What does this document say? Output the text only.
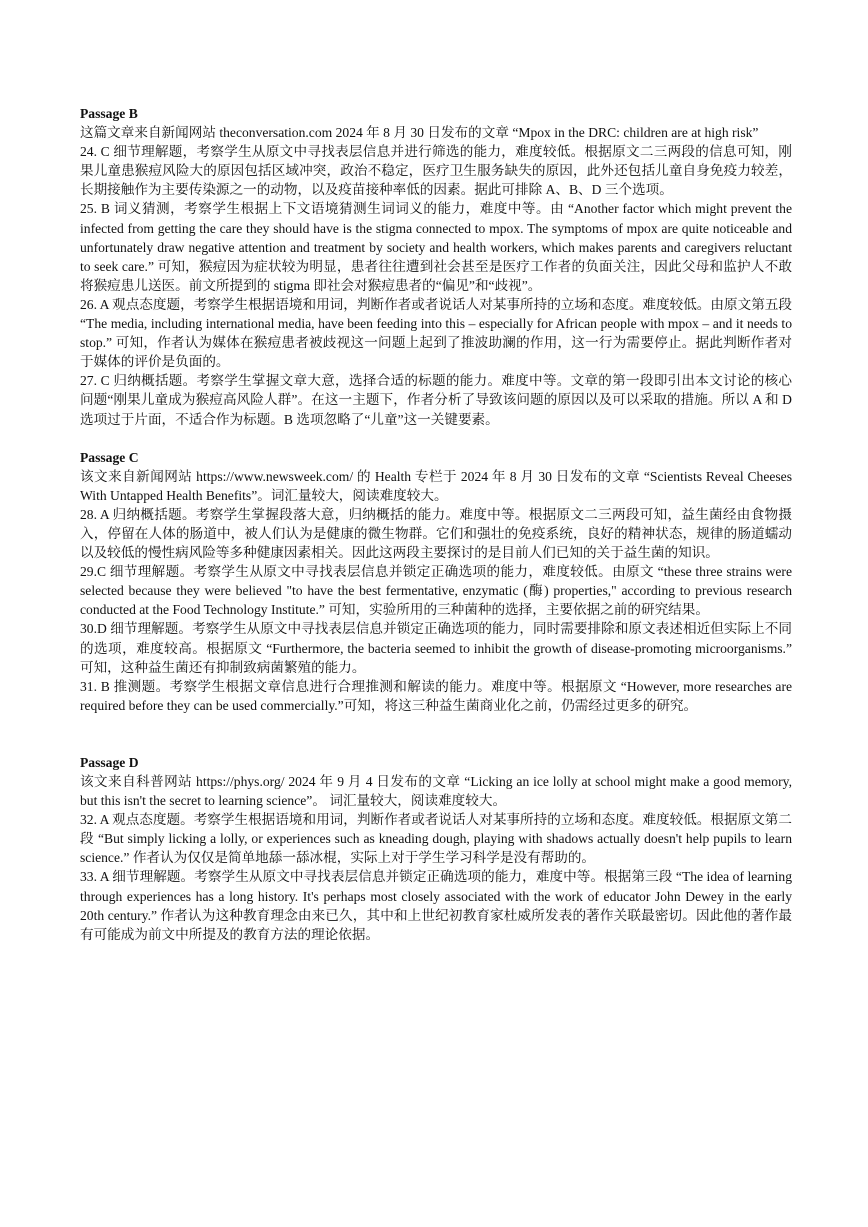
Passage B

这篇文章来自新闻网站 theconversation.com 2024 年 8 月 30 日发布的文章 “Mpox in the DRC: children are at high risk”

24. C 细节理解题，考察学生从原文中寻找表层信息并进行筛选的能力，难度较低。根据原文二三两段的信息可知，刚果儿童患猴痘风险大的原因包括区域冲突，政治不稳定，医疗卫生服务缺失的原因，此外还包括儿童自身免疫力较差，长期接触作为主要传染源之一的动物，以及疫苗接种率低的因素。据此可排除 A、B、D 三个选项。

25. B 词义猜测，考察学生根据上下文语境猜测生词词义的能力，难度中等。由 “Another factor which might prevent the infected from getting the care they should have is the stigma connected to mpox. The symptoms of mpox are quite noticeable and unfortunately draw negative attention and treatment by society and health workers, which makes parents and caregivers reluctant to seek care.” 可知，猴痘因为症状较为明显，患者往往遭到社会甚至是医疗工作者的负面关注，因此父母和监护人不敢将猴痘患儿送医。前文所提到的 stigma 即社会对猴痘患者的“偏见”和“歧视”。

26. A 观点态度题，考察学生根据语境和用词，判断作者或者说话人对某事所持的立场和态度。难度较低。由原文第五段 “The media, including international media, have been feeding into this – especially for African people with mpox – and it needs to stop.” 可知，作者认为媒体在猴痘患者被歧视这一问题上起到了推波助澜的作用，这一行为需要停止。据此判断作者对于媒体的评价是负面的。

27. C 归纳概括题。考察学生掌握文章大意，选择合适的标题的能力。难度中等。文章的第一段即引出本文讨论的核心问题“刚果儿童成为猴痘高风险人群”。在这一主题下，作者分析了导致该问题的原因以及可以采取的措施。所以 A 和 D 选项过于片面，不适合作为标题。B 选项忽略了“儿童”这一关键要素。

Passage C

该文来自新闻网站 https://www.newsweek.com/ 的 Health 专栏于 2024 年 8 月 30 日发布的文章 “Scientists Reveal Cheeses With Untapped Health Benefits”。词汇量较大，阅读难度较大。

28. A 归纳概括题。考察学生掌握段落大意，归纳概括的能力。难度中等。根据原文二三两段可知，益生菌经由食物摄入，停留在人体的肠道中，被人们认为是健康的微生物群。它们和强壮的免疫系统，良好的精神状态，规律的肠道蠕动以及较低的慢性病风险等多种健康因素相关。因此这两段主要探讨的是目前人们已知的关于益生菌的知识。

29.C 细节理解题。考察学生从原文中寻找表层信息并锁定正确选项的能力，难度较低。由原文 “these three strains were selected because they were believed "to have the best fermentative, enzymatic (酶) properties," according to previous research conducted at the Food Technology Institute.” 可知，实验所用的三种菌种的选择，主要依据之前的研究结果。

30.D 细节理解题。考察学生从原文中寻找表层信息并锁定正确选项的能力，同时需要排除和原文表述相近但实际上不同的选项，难度较高。根据原文 “Furthermore, the bacteria seemed to inhibit the growth of disease-promoting microorganisms.” 可知，这种益生菌还有抑制致病菌繁殖的能力。

31. B 推测题。考察学生根据文章信息进行合理推测和解读的能力。难度中等。根据原文 “However, more researches are required before they can be used commercially.”可知，将这三种益生菌商业化之前，仍需经过更多的研究。

Passage D

该文来自科普网站 https://phys.org/ 2024 年 9 月 4 日发布的文章 “Licking an ice lolly at school might make a good memory, but this isn't the secret to learning science”。 词汇量较大，阅读难度较大。

32. A 观点态度题。考察学生根据语境和用词，判断作者或者说话人对某事所持的立场和态度。难度较低。根据原文第二段 “But simply licking a lolly, or experiences such as kneading dough, playing with shadows actually doesn't help pupils to learn science.” 作者认为仅仅是简单地舔一舔冰棍，实际上对于学生学习科学是没有帮助的。

33. A 细节理解题。考察学生从原文中寻找表层信息并锁定正确选项的能力，难度中等。根据第三段 “The idea of learning through experiences has a long history. It's perhaps most closely associated with the work of educator John Dewey in the early 20th century.” 作者认为这种教育理念由来已久，其中和上世纪初教育家杜威所发表的著作关联最密切。因此他的著作最有可能成为前文中所提及的教育方法的理论依据。
